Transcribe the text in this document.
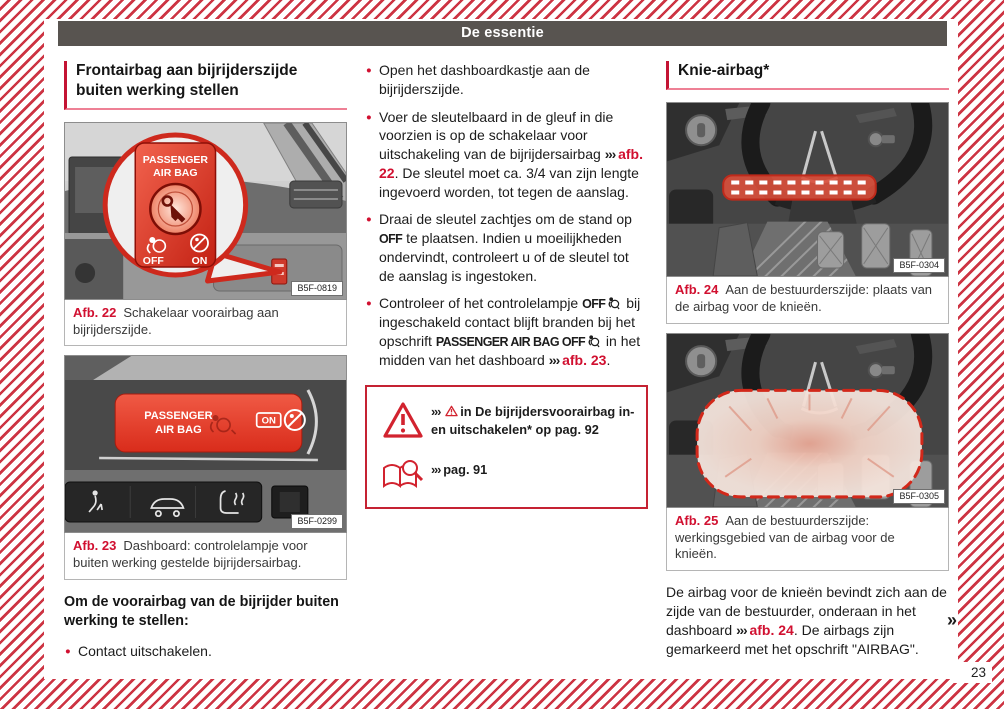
De essentie
Frontairbag aan bijrijderszijde buiten werking stellen
PASSENGER
AIR BAG
OFF	ON
B5F-0819
Afb. 22 Schakelaar voorairbag aan bijrijderszijde.
PASSENGER
AIR BAG
ON
B5F-0299
Afb. 23 Dashboard: controlelampje voor buiten werking gestelde bijrijdersairbag.

Om de voorairbag van de bijrijder buiten werking te stellen:

● Contact uitschakelen.
● Open het dashboardkastje aan de bijrijderszijde.
● Voer de sleutelbaard in de gleuf in die voorzien is op de schakelaar voor uitschakeling van de bijrijdersairbag ››› afb. 22. De sleutel moet ca. 3/4 van zijn lengte ingevoerd worden, tot tegen de aanslag.
● Draai de sleutel zachtjes om de stand op OFF te plaatsen. Indien u moeilijkheden ondervindt, controleert u of de sleutel tot de aanslag is ingestoken.
● Controleer of het controlelampje OFF bij ingeschakeld contact blijft branden bij het opschrift PASSENGER AIR BAG OFF in het midden van het dashboard ››› afb. 23.
››› in De bijrijdersvoorairbag in- en uitschakelen* op pag. 92
››› pag. 91
Knie-airbag*
B5F-0304
Afb. 24 Aan de bestuurderszijde: plaats van de airbag voor de knieën.
B5F-0305
Afb. 25 Aan de bestuurderszijde: werkingsgebied van de airbag voor de knieën.

De airbag voor de knieën bevindt zich aan de zijde van de bestuurder, onderaan in het dashboard ››› afb. 24. De airbags zijn gemarkeerd met het opschrift "AIRBAG".

»
23
